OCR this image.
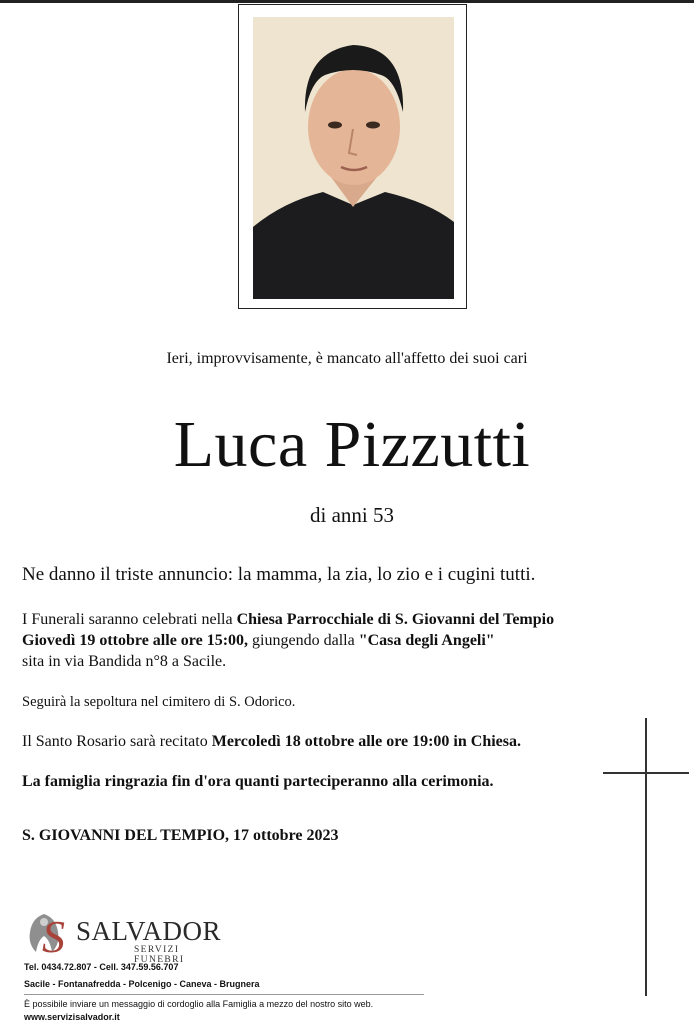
Ieri, improvvisamente, è mancato all'affetto dei suoi cari
Luca Pizzutti
di anni 53
Ne danno il triste annuncio: la mamma, la zia, lo zio e i cugini tutti.
I Funerali saranno celebrati nella Chiesa Parrocchiale di S. Giovanni del Tempio
Giovedì 19 ottobre alle ore 15:00, giungendo dalla "Casa degli Angeli"
sita in via Bandida n°8 a Sacile.
Seguirà la sepoltura nel cimitero di S. Odorico.
Il Santo Rosario sarà recitato Mercoledì 18 ottobre alle ore 19:00 in Chiesa.
La famiglia ringrazia fin d'ora quanti parteciperanno alla cerimonia.
S. GIOVANNI DEL TEMPIO, 17 ottobre 2023
S SALVADOR
SERVIZI FUNEBRI
Tel. 0434.72.807 - Cell. 347.59.56.707
Sacile - Fontanafredda - Polcenigo - Caneva - Brugnera
È possibile inviare un messaggio di cordoglio alla Famiglia a mezzo del nostro sito web.
www.servizisalvador.it
